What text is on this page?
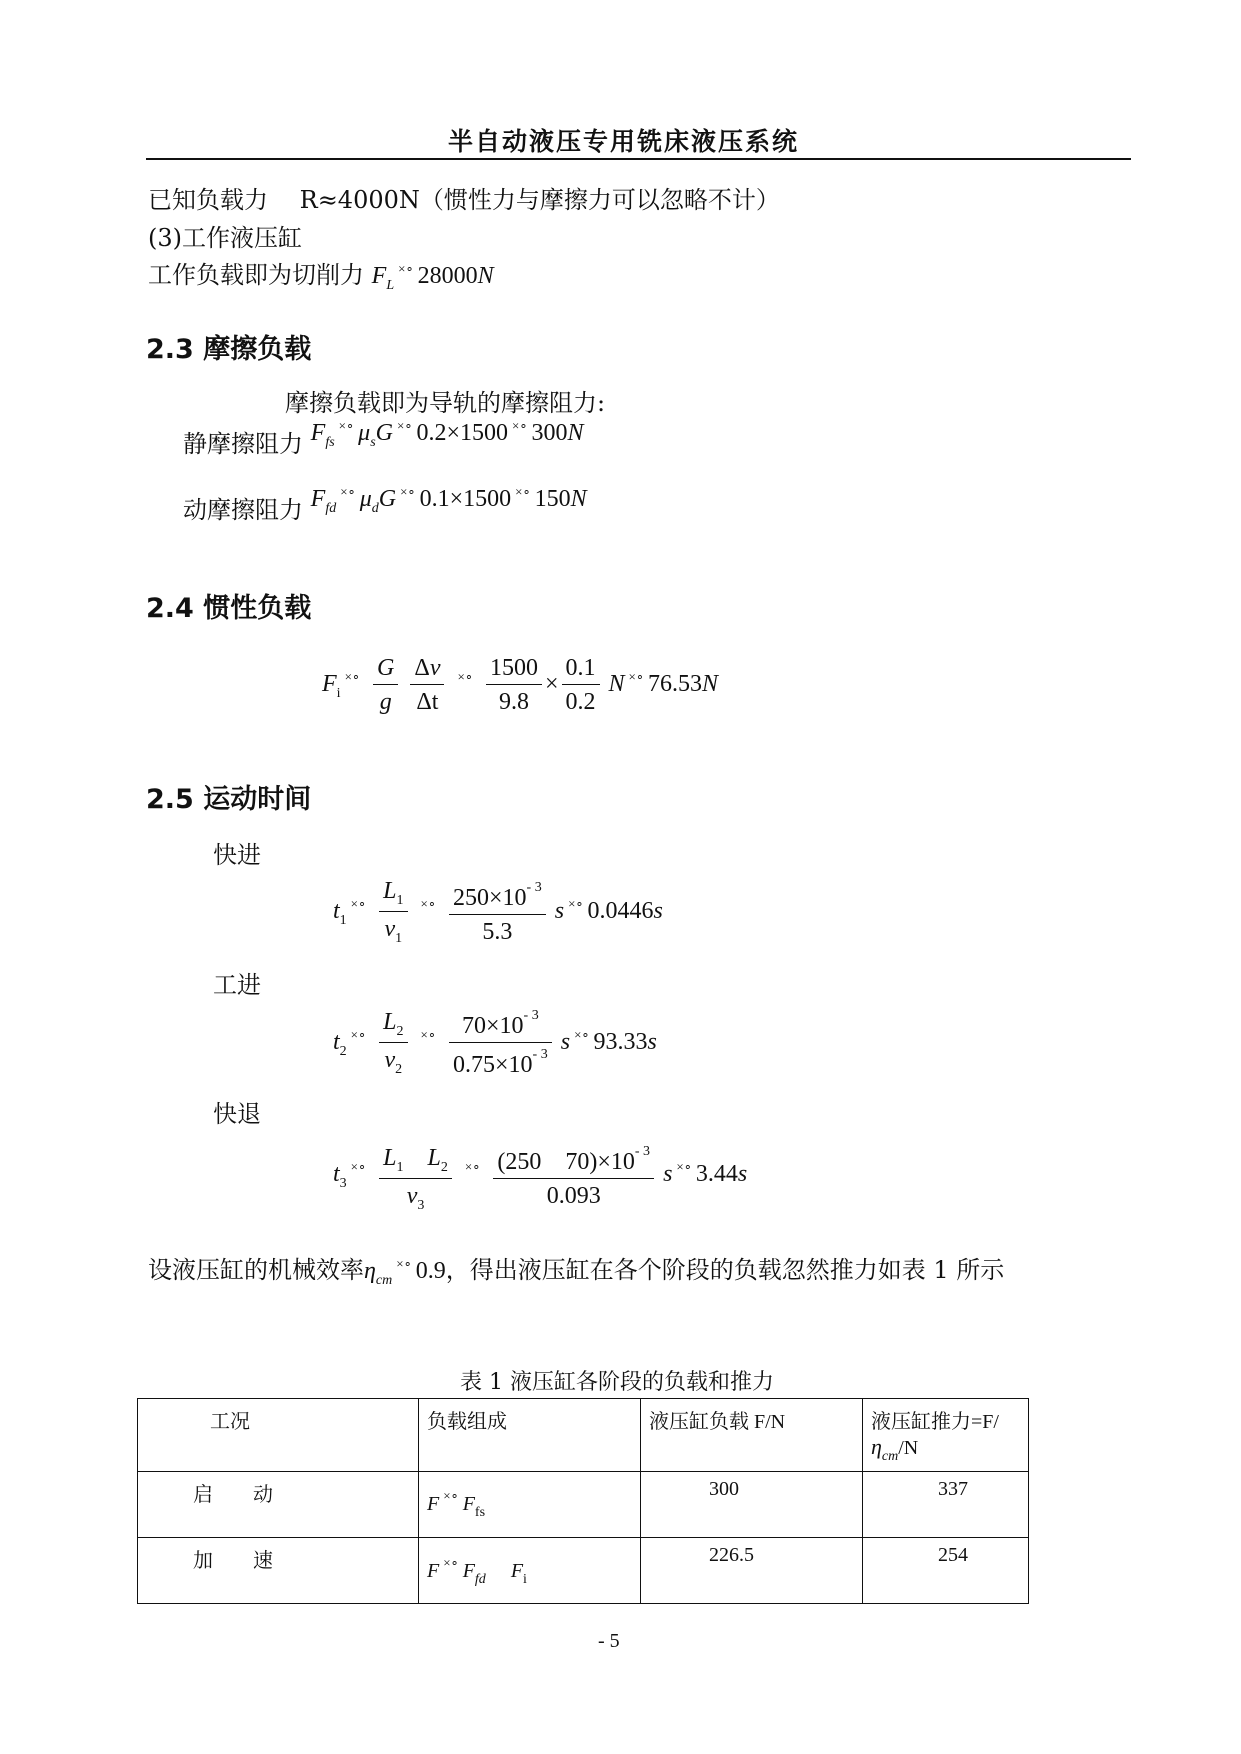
半自动液压专用铣床液压系统
已知负载力　 R≈4000N（惯性力与摩擦力可以忽略不计）
(3)工作液压缸
工作负载即为切削力 $F_L^{\times\circ}$ 28000N
2.3 摩擦负载
摩擦负载即为导轨的摩擦阻力:
静摩擦阻力 $F_{fs}^{\times\circ}$ $\mu_sG$ ×∘ 0.2×1500 ×∘ 300N
动摩擦阻力 $F_{fd}^{\times\circ}$ $\mu_dG$ ×∘ 0.1×1500 ×∘ 150N
2.4 惯性负载
$F_i^{\times\circ} \frac{G}{g}$
$\frac{\Delta v}{\Delta t} ^{\times\circ} \frac{1500}{9.8} \times \frac{0.1}{0.2}$ N ×∘ 76.53N
2.5 运动时间
快进
$t_1^{\times\circ} \frac{L_1}{v_1} ^{\times\circ} \frac{250\times 10^{- 3}}{5.3}$ s ×∘ 0.0446s
工进
$t_2^{\times\circ} \frac{L_2}{v_2} ^{\times\circ} \frac{70\times 10^{- 3}}{0.75\times 10^{- 3}}$ s ×∘ 93.33s
快退
$t_3^{\times\circ} \frac{L_1 L_2}{v_3} ^{\times\circ} \frac{(250 70)\times 10^{- 3}}{0.093}$ s ×∘ 3.44s
设液压缸的机械效率$\eta_{cm}^{\times\circ}$ 0.9，得出液压缸在各个阶段的负载忽然推力如表 1 所示
表 1 液压缸各阶段的负载和推力
工况	负载组成	液压缸负载 F/N	液压缸推力$=F/\eta_{cm}/N$
启　　动	F ×∘ $F_{fs}$	300	337
加　　速	F ×∘ $F_{fd}$　 $F_i$	226.5	254
- 5
